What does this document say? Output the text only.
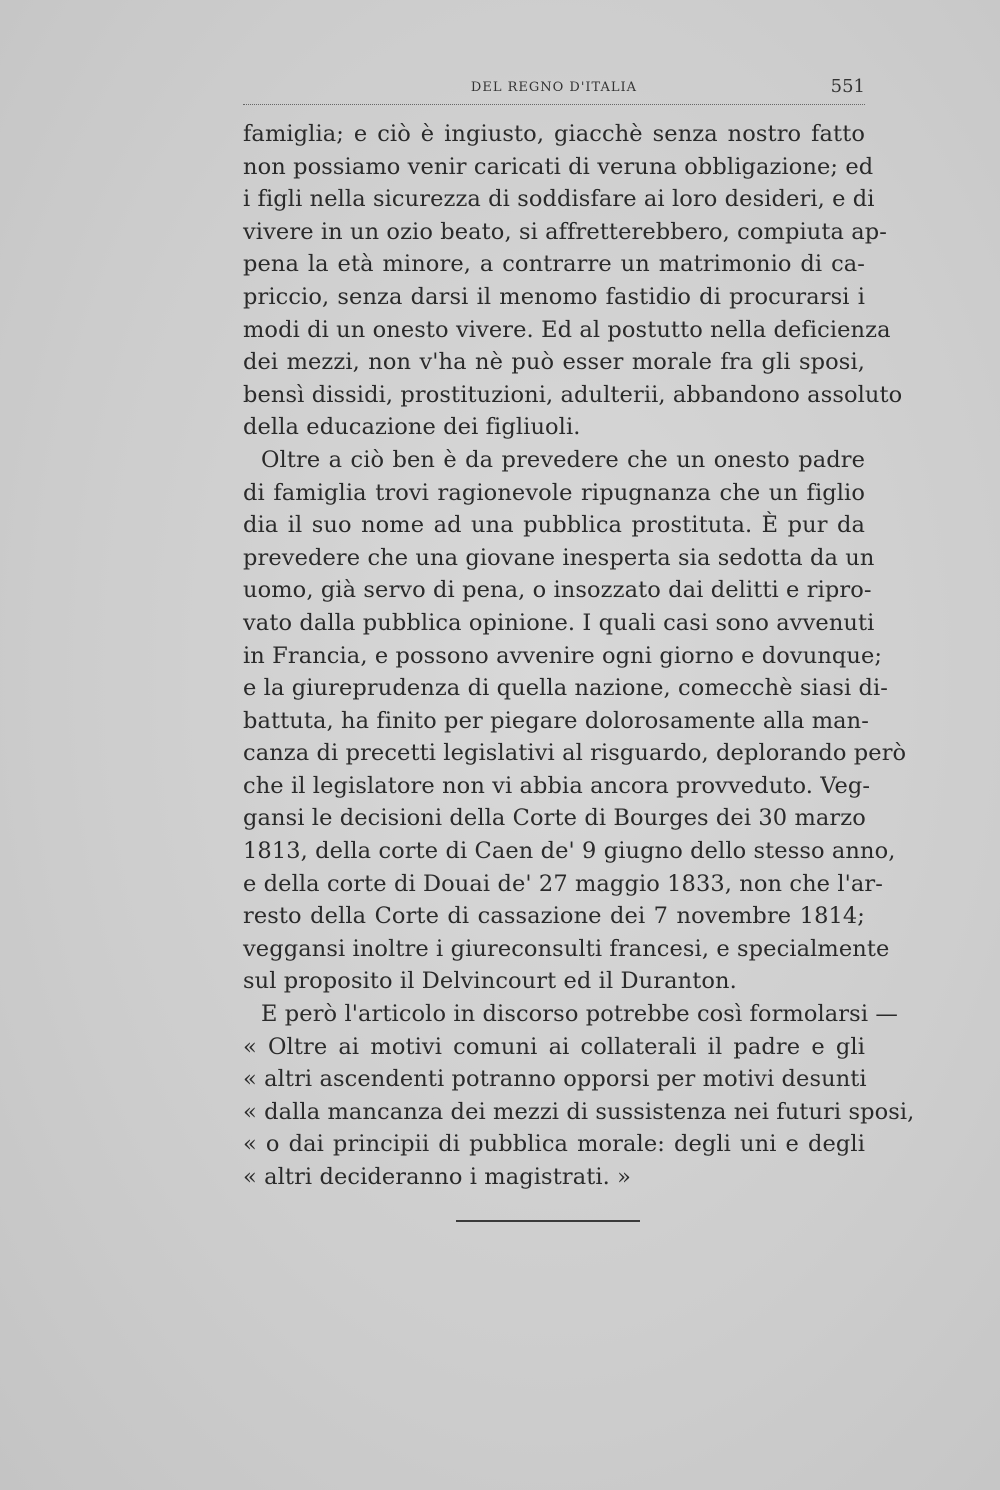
DEL REGNO D'ITALIA	551
famiglia; e ciò è ingiusto, giacchè senza nostro fatto
non possiamo venir caricati di veruna obbligazione; ed
i figli nella sicurezza di soddisfare ai loro desideri, e di
vivere in un ozio beato, si affretterebbero, compiuta ap-
pena la età minore, a contrarre un matrimonio di ca-
priccio, senza darsi il menomo fastidio di procurarsi i
modi di un onesto vivere. Ed al postutto nella deficienza
dei mezzi, non v'ha nè può esser morale fra gli sposi,
bensì dissidi, prostituzioni, adulterii, abbandono assoluto
della educazione dei figliuoli.
Oltre a ciò ben è da prevedere che un onesto padre
di famiglia trovi ragionevole ripugnanza che un figlio
dia il suo nome ad una pubblica prostituta. È pur da
prevedere che una giovane inesperta sia sedotta da un
uomo, già servo di pena, o insozzato dai delitti e ripro-
vato dalla pubblica opinione. I quali casi sono avvenuti
in Francia, e possono avvenire ogni giorno e dovunque;
e la giureprudenza di quella nazione, comecchè siasi di-
battuta, ha finito per piegare dolorosamente alla man-
canza di precetti legislativi al risguardo, deplorando però
che il legislatore non vi abbia ancora provveduto. Veg-
gansi le decisioni della Corte di Bourges dei 30 marzo
1813, della corte di Caen de' 9 giugno dello stesso anno,
e della corte di Douai de' 27 maggio 1833, non che l'ar-
resto della Corte di cassazione dei 7 novembre 1814;
veggansi inoltre i giureconsulti francesi, e specialmente
sul proposito il Delvincourt ed il Duranton.
E però l'articolo in discorso potrebbe così formolarsi —
« Oltre ai motivi comuni ai collaterali il padre e gli
« altri ascendenti potranno opporsi per motivi desunti
« dalla mancanza dei mezzi di sussistenza nei futuri sposi,
« o dai principii di pubblica morale: degli uni e degli
« altri decideranno i magistrati. »
